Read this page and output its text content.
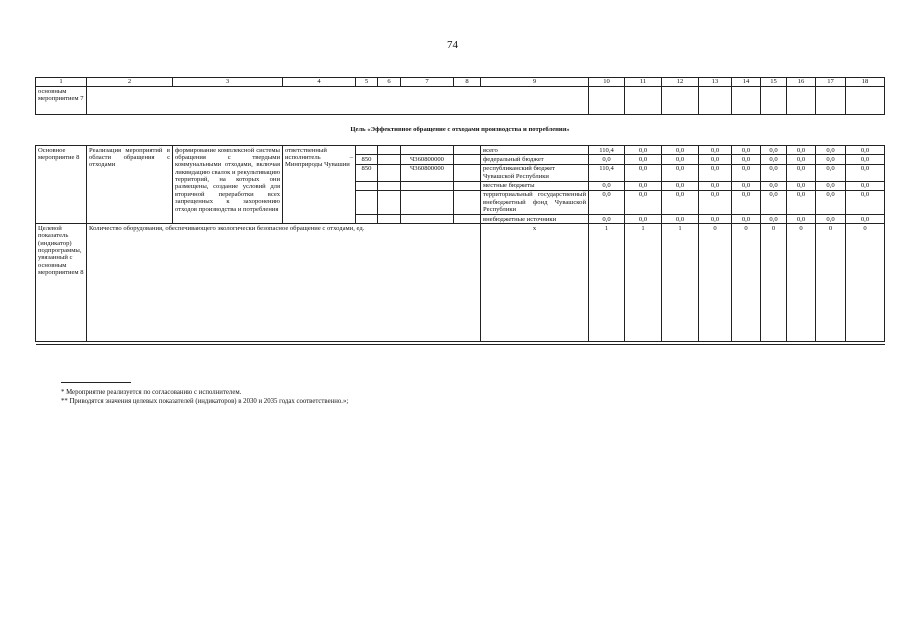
74
1	2	3	4	5	6	7	8	9	10	11	12	13	14	15	16	17	18
основным мероприятием 7																	
Цель «Эффективное обращение с отходами производства и потребления»																	
Основное мероприятие 8	Реализация мероприятий в области обращения с отходами	формирование комплексной системы обращения с твердыми коммунальными отходами, включая ликвидацию свалок и рекультивацию территорий, на которых они размещены, создание условий для вторичной переработки всех запрещенных к захоронению отходов производства и потребления	ответственный исполнитель – Минприроды Чувашии					всего	110,4	0,0	0,0	0,0	0,0	0,0	0,0	0,0	0,0
				850		Ч360800000		федеральный бюджет	0,0	0,0	0,0	0,0	0,0	0,0	0,0	0,0	0,0
				850		Ч360800000		республиканский бюджет Чувашской Республики	110,4	0,0	0,0	0,0	0,0	0,0	0,0	0,0	0,0
								местные бюджеты	0,0	0,0	0,0	0,0	0,0	0,0	0,0	0,0	0,0
								территориальный государственный внебюджетный фонд Чувашской Республики	0,0	0,0	0,0	0,0	0,0	0,0	0,0	0,0	0,0
								внебюджетные источники	0,0	0,0	0,0	0,0	0,0	0,0	0,0	0,0	0,0
Целевой показатель (индикатор) подпрограммы, увязанный с основным мероприятием 8	Количество оборудования, обеспечивающего экологически безопасное обращение с отходами, ед.							x	1	1	1	0	0	0	0	0	0

* Мероприятие реализуется по согласованию с исполнителем.
** Приводятся значения целевых показателей (индикаторов) в 2030 и 2035 годах соответственно.»;
